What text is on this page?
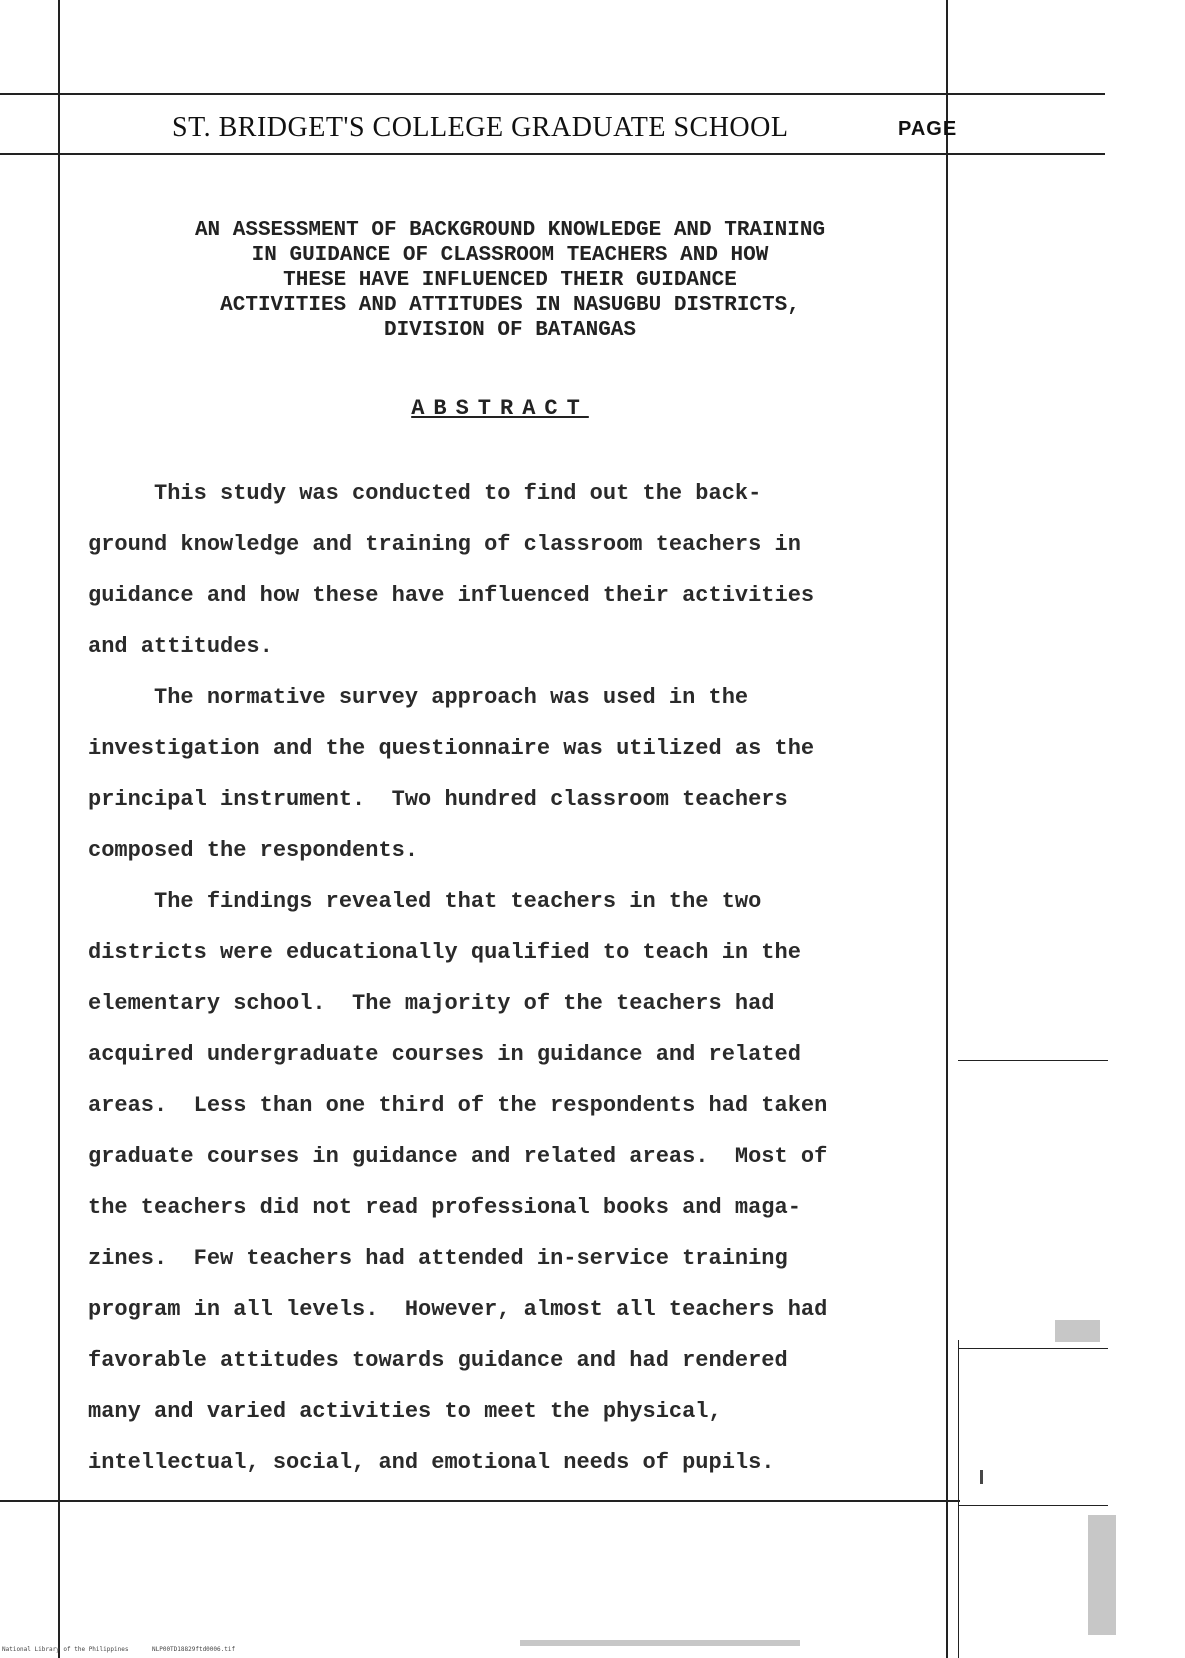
ST. BRIDGET'S COLLEGE GRADUATE SCHOOL	PAGE
AN ASSESSMENT OF BACKGROUND KNOWLEDGE AND TRAINING
IN GUIDANCE OF CLASSROOM TEACHERS AND HOW
THESE HAVE INFLUENCED THEIR GUIDANCE
ACTIVITIES AND ATTITUDES IN NASUGBU DISTRICTS,
DIVISION OF BATANGAS
ABSTRACT
This study was conducted to find out the back-
ground knowledge and training of classroom teachers in
guidance and how these have influenced their activities
and attitudes.
The normative survey approach was used in the
investigation and the questionnaire was utilized as the
principal instrument.  Two hundred classroom teachers
composed the respondents.
The findings revealed that teachers in the two
districts were educationally qualified to teach in the
elementary school.  The majority of the teachers had
acquired undergraduate courses in guidance and related
areas.  Less than one third of the respondents had taken
graduate courses in guidance and related areas.  Most of
the teachers did not read professional books and maga-
zines.  Few teachers had attended in-service training
program in all levels.  However, almost all teachers had
favorable attitudes towards guidance and had rendered
many and varied activities to meet the physical,
intellectual, social, and emotional needs of pupils.
National Library of the Philippines	NLP00TD18829ftd0006.tif
